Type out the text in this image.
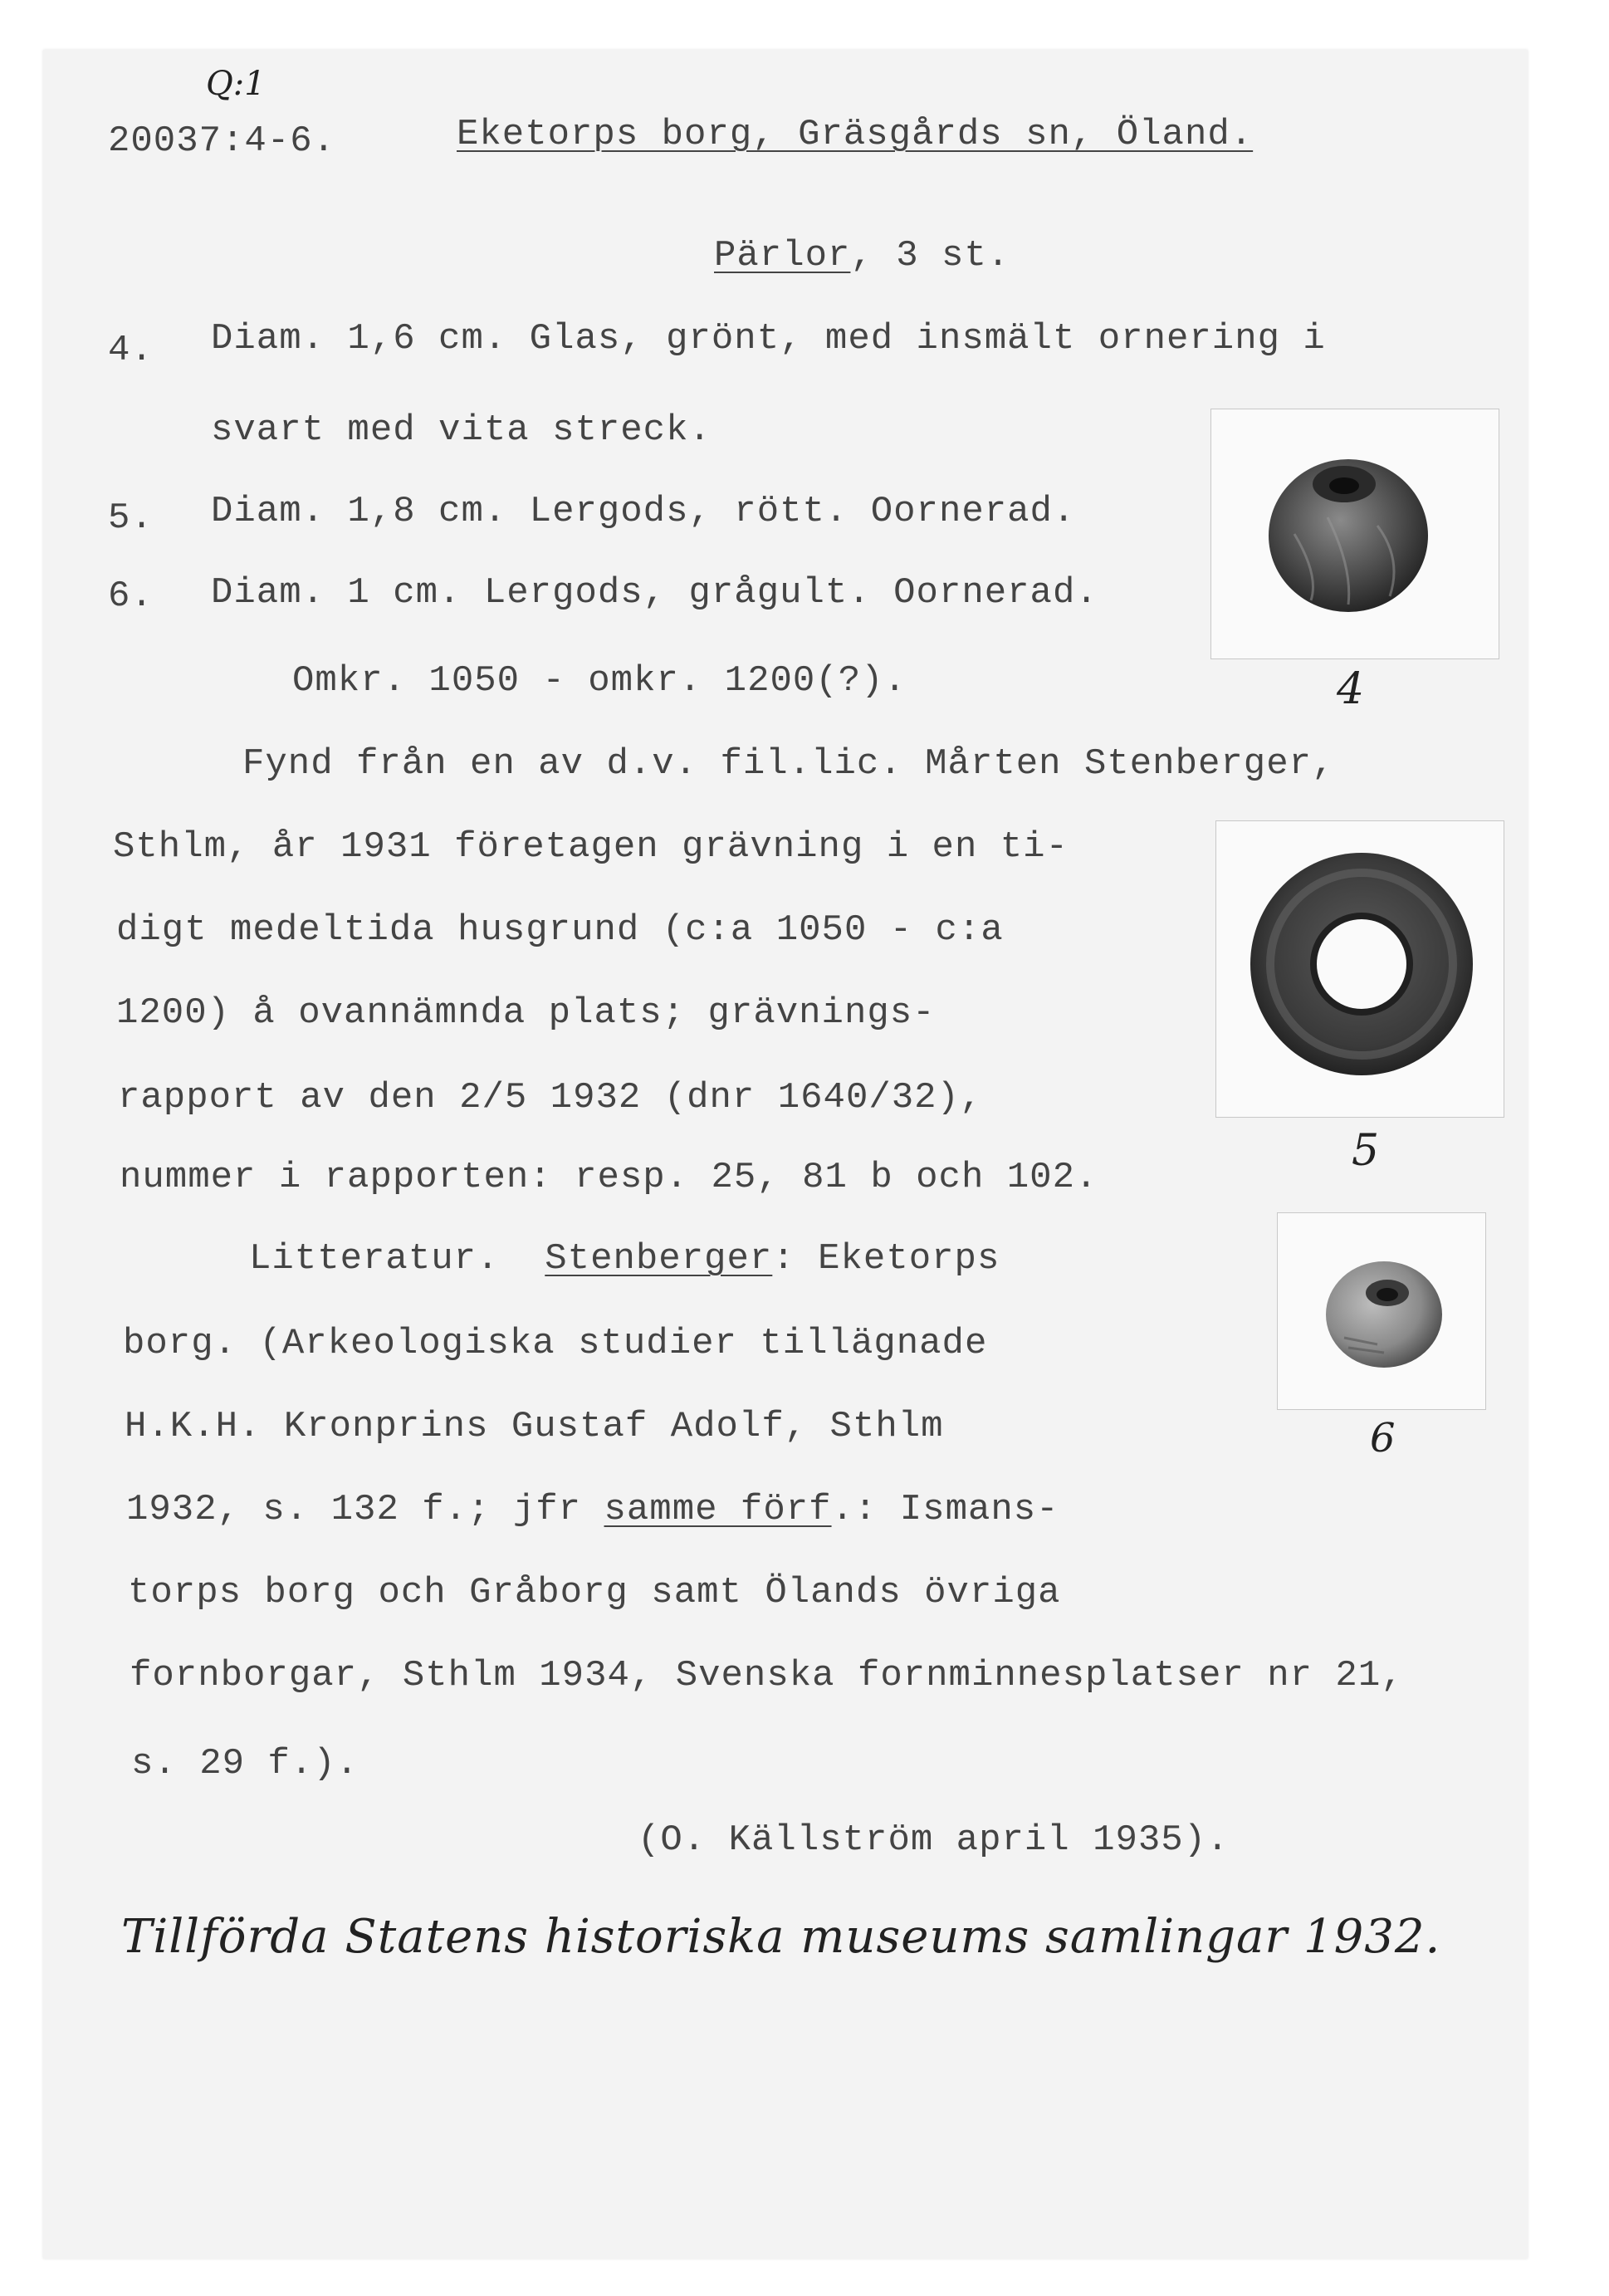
Q:1
20037:4-6.	Eketorps borg, Gräsgårds sn, Öland.
Pärlor, 3 st.
4. Diam. 1,6 cm. Glas, grönt, med insmält ornering i
svart med vita streck.
5. Diam. 1,8 cm. Lergods, rött. Oornerad.
6. Diam. 1 cm. Lergods, grågult. Oornerad.
Omkr. 1050 - omkr. 1200(?).
Fynd från en av d.v. fil.lic. Mårten Stenberger,
Sthlm, år 1931 företagen grävning i en ti-
digt medeltida husgrund (c:a 1050 - c:a
1200) å ovannämnda plats; grävnings-
rapport av den 2/5 1932 (dnr 1640/32),
nummer i rapporten: resp. 25, 81 b och 102.
Litteratur. Stenberger: Eketorps
borg. (Arkeologiska studier tillägnade
H.K.H. Kronprins Gustaf Adolf, Sthlm
1932, s. 132 f.; jfr samme förf.: Ismans-
torps borg och Gråborg samt Ölands övriga
fornborgar, Sthlm 1934, Svenska fornminnesplatser nr 21,
s. 29 f.).
(O. Källström april 1935).
Tillförda Statens historiska museums samlingar 1932.
4
5
6
